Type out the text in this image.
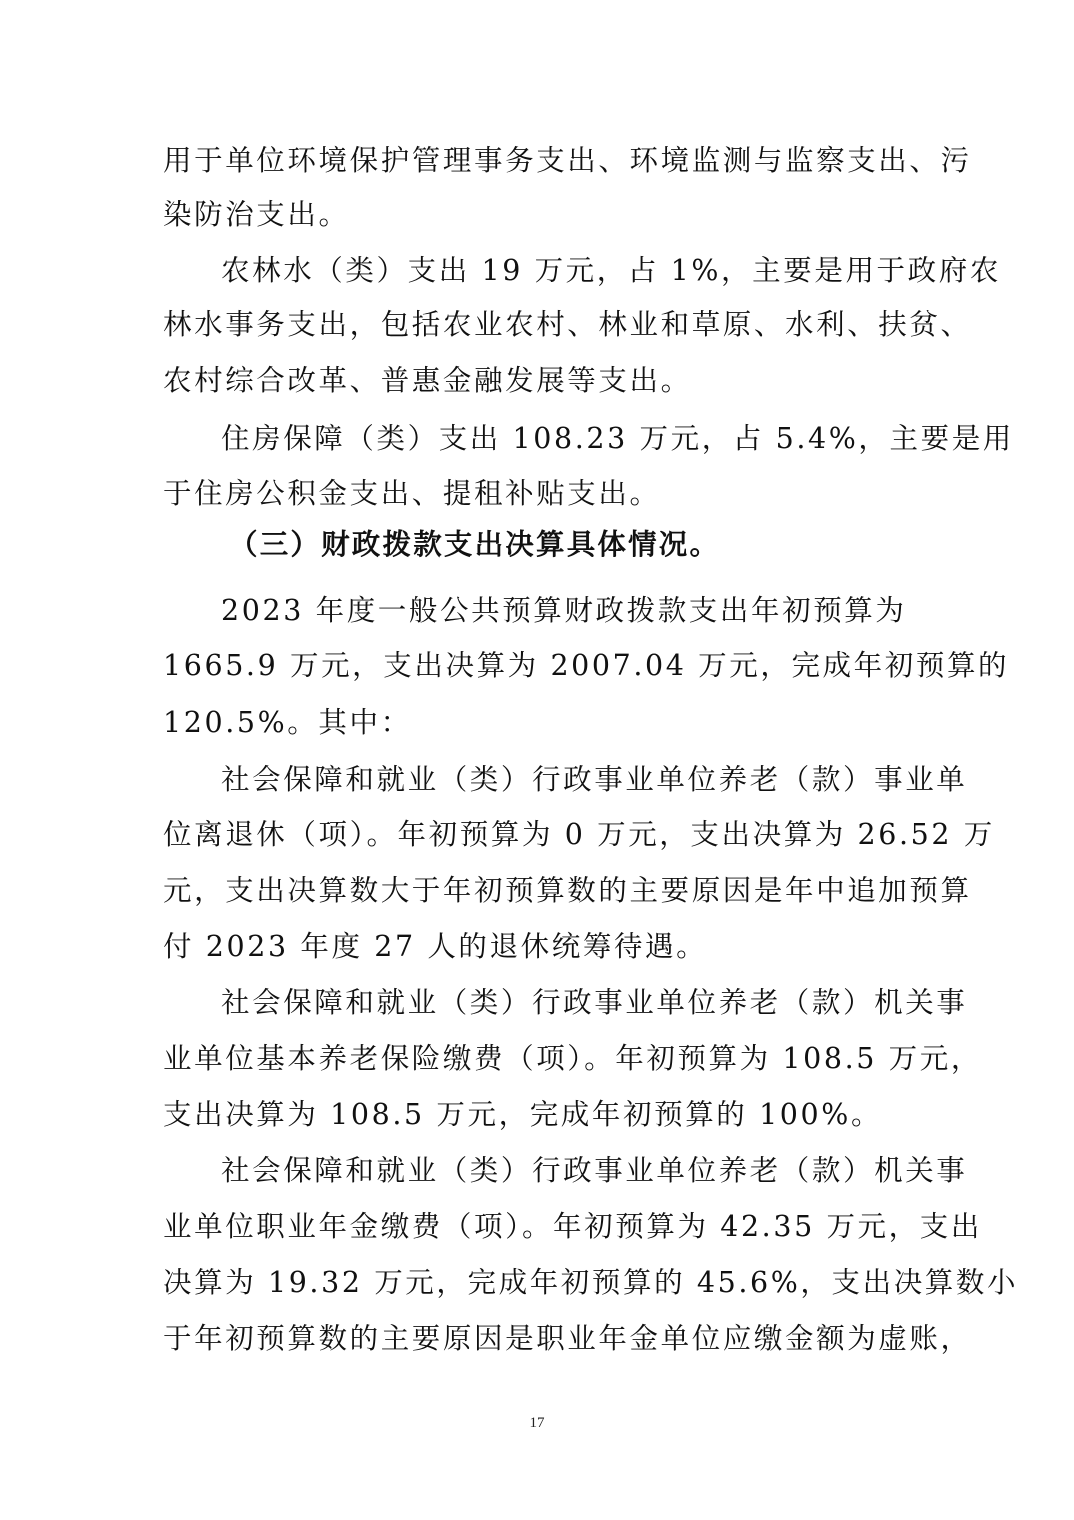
用于单位环境保护管理事务支出、环境监测与监察支出、污
染防治支出。
农林水（类）支出 19 万元，占 1%，主要是用于政府农
林水事务支出，包括农业农村、林业和草原、水利、扶贫、
农村综合改革、普惠金融发展等支出。
住房保障（类）支出 108.23 万元，占 5.4%，主要是用
于住房公积金支出、提租补贴支出。
（三）财政拨款支出决算具体情况。
2023 年度一般公共预算财政拨款支出年初预算为
1665.9 万元，支出决算为 2007.04 万元，完成年初预算的
120.5%。其中：
社会保障和就业（类）行政事业单位养老（款）事业单
位离退休（项）。年初预算为 0 万元，支出决算为 26.52 万
元，支出决算数大于年初预算数的主要原因是年中追加预算
付 2023 年度 27 人的退休统筹待遇。
社会保障和就业（类）行政事业单位养老（款）机关事
业单位基本养老保险缴费（项）。年初预算为 108.5 万元，
支出决算为 108.5 万元，完成年初预算的 100%。
社会保障和就业（类）行政事业单位养老（款）机关事
业单位职业年金缴费（项）。年初预算为 42.35 万元，支出
决算为 19.32 万元，完成年初预算的 45.6%，支出决算数小
于年初预算数的主要原因是职业年金单位应缴金额为虚账，
17
